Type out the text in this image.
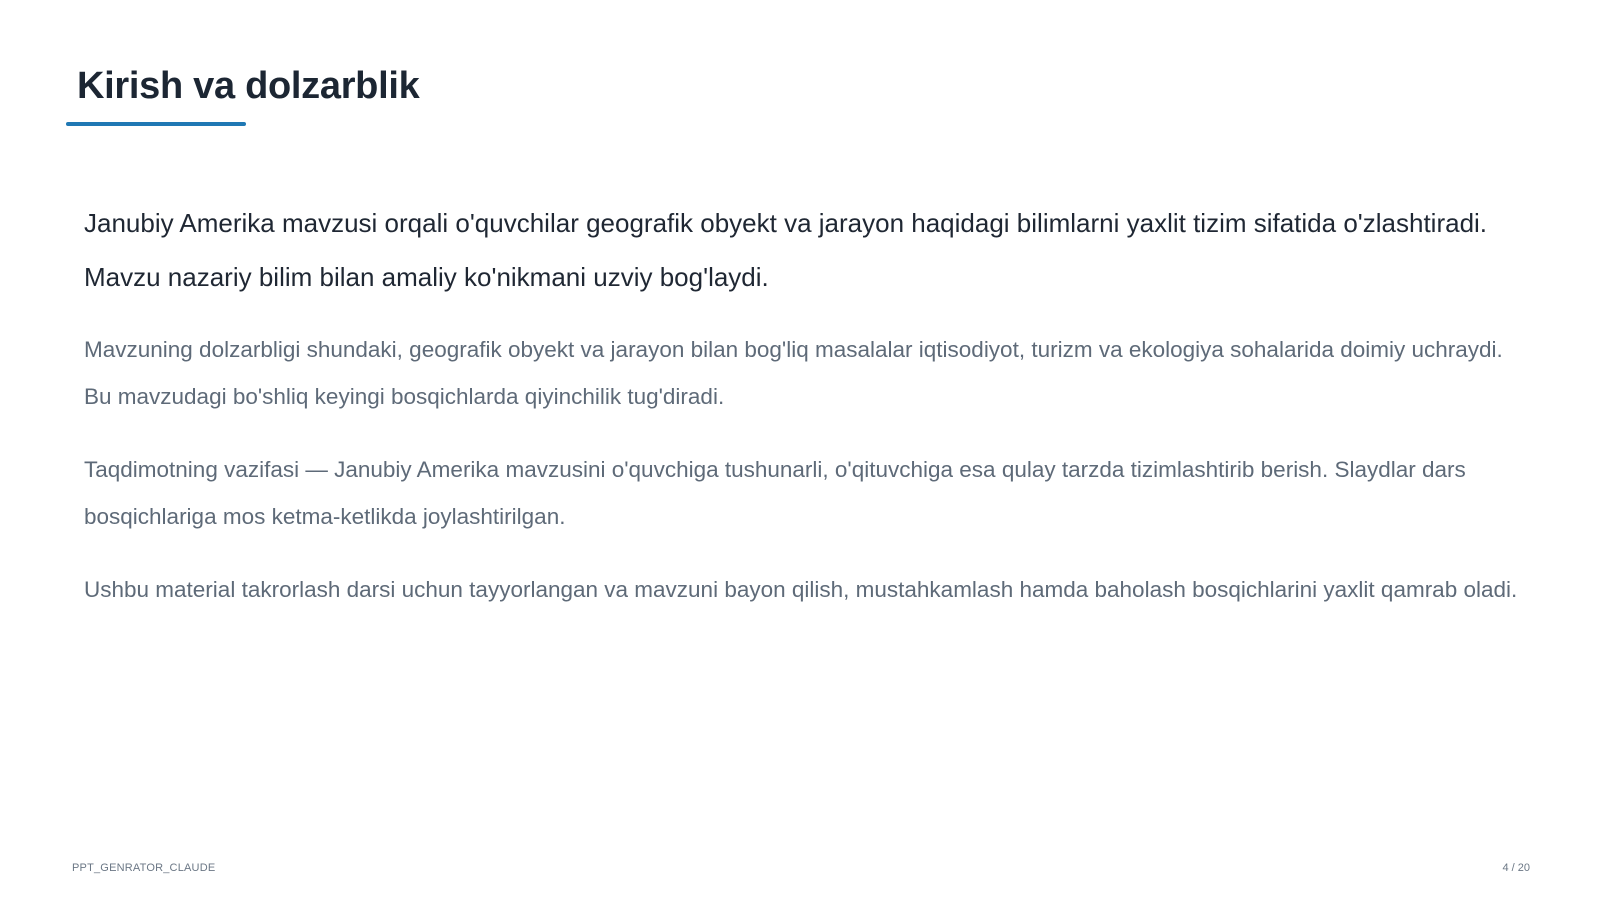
Kirish va dolzarblik

Janubiy Amerika mavzusi orqali o'quvchilar geografik obyekt va jarayon haqidagi bilimlarni yaxlit tizim sifatida o'zlashtiradi. Mavzu nazariy bilim bilan amaliy ko'nikmani uzviy bog'laydi.

Mavzuning dolzarbligi shundaki, geografik obyekt va jarayon bilan bog'liq masalalar iqtisodiyot, turizm va ekologiya sohalarida doimiy uchraydi. Bu mavzudagi bo'shliq keyingi bosqichlarda qiyinchilik tug'diradi.

Taqdimotning vazifasi — Janubiy Amerika mavzusini o'quvchiga tushunarli, o'qituvchiga esa qulay tarzda tizimlashtirib berish. Slaydlar dars bosqichlariga mos ketma-ketlikda joylashtirilgan.

Ushbu material takrorlash darsi uchun tayyorlangan va mavzuni bayon qilish, mustahkamlash hamda baholash bosqichlarini yaxlit qamrab oladi.

PPT_GENRATOR_CLAUDE	4 / 20
